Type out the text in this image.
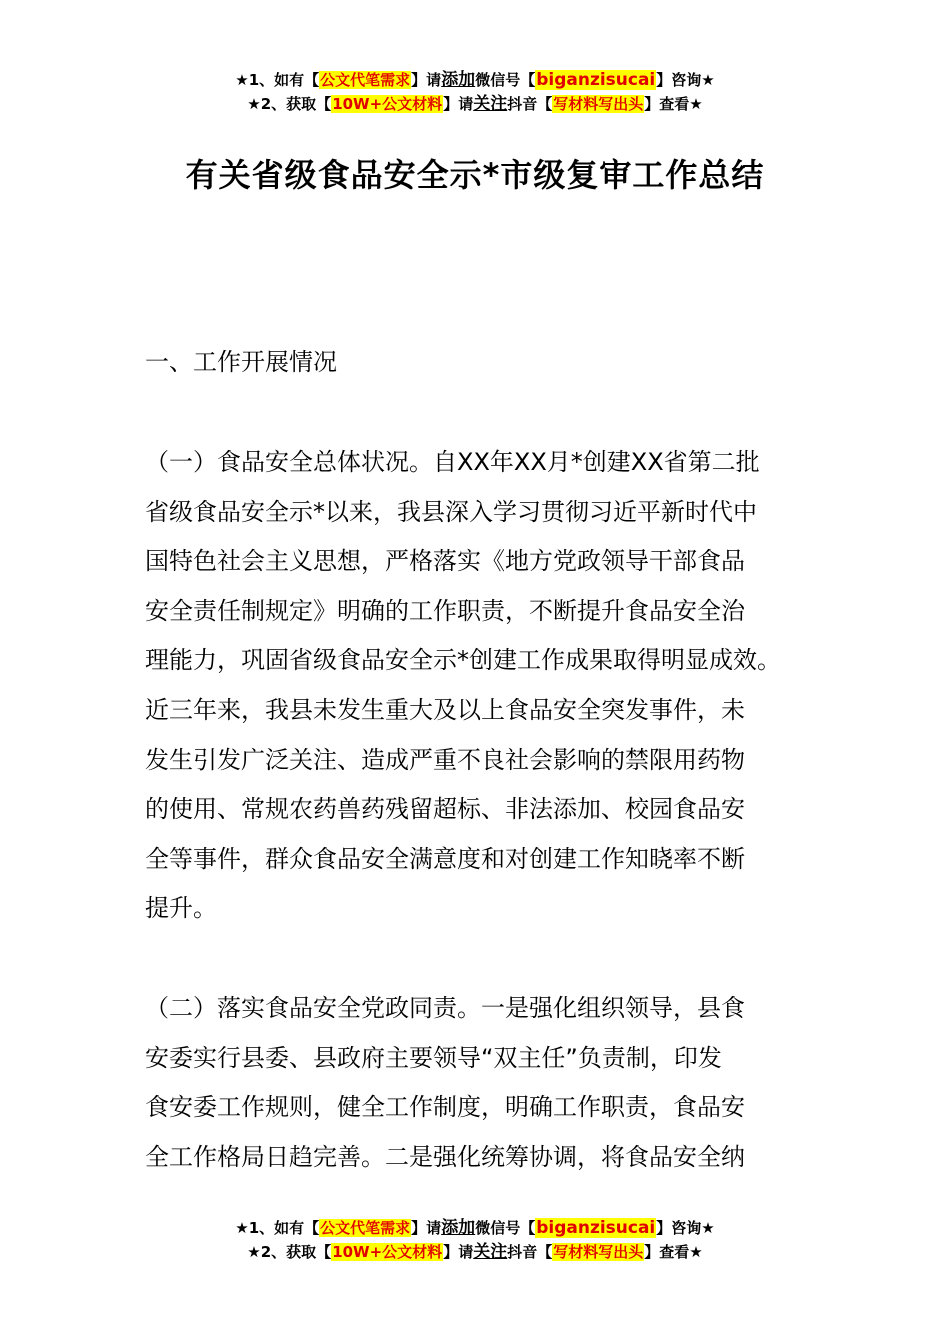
★1、如有【公文代笔需求】请添加微信号【biganzisucai】咨询★
★2、获取【10W+公文材料】请关注抖音【写材料写出头】查看★
有关省级食品安全示*市级复审工作总结
一、工作开展情况

（一）食品安全总体状况。自XX年XX月*创建XX省第二批
省级食品安全示*以来，我县深入学习贯彻习近平新时代中
国特色社会主义思想，严格落实《地方党政领导干部食品
安全责任制规定》明确的工作职责，不断提升食品安全治
理能力，巩固省级食品安全示*创建工作成果取得明显成效。
近三年来，我县未发生重大及以上食品安全突发事件，未
发生引发广泛关注、造成严重不良社会影响的禁限用药物
的使用、常规农药兽药残留超标、非法添加、校园食品安
全等事件，群众食品安全满意度和对创建工作知晓率不断
提升。

（二）落实食品安全党政同责。一是强化组织领导，县食
安委实行县委、县政府主要领导“双主任”负责制，印发
食安委工作规则，健全工作制度，明确工作职责，食品安
全工作格局日趋完善。二是强化统筹协调，将食品安全纳

★1、如有【公文代笔需求】请添加微信号【biganzisucai】咨询★
★2、获取【10W+公文材料】请关注抖音【写材料写出头】查看★
